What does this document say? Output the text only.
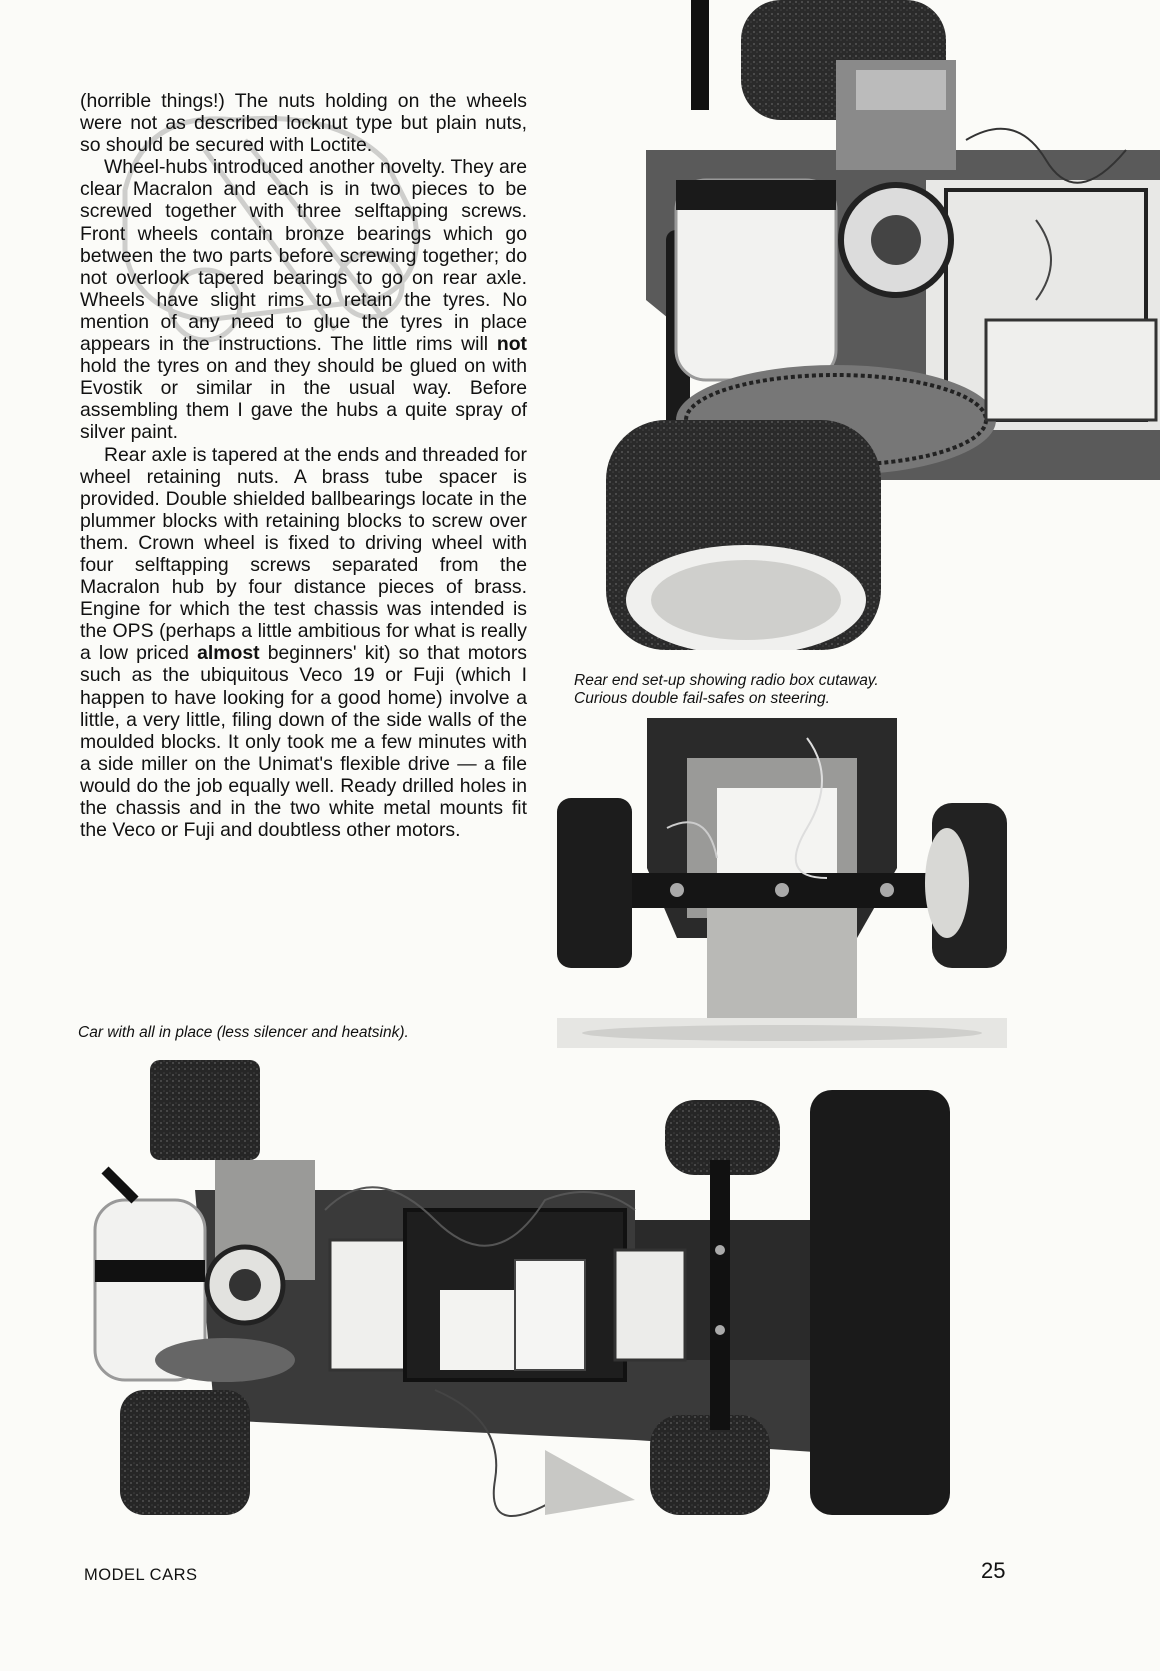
(horrible things!) The nuts holding on the wheels were not as described locknut type but plain nuts, so should be secured with Loctite.

Wheel-hubs introduced another novelty. They are clear Macralon and each is in two pieces to be screwed together with three selftapping screws. Front wheels contain bronze bearings which go between the two parts before screwing together; do not overlook tapered bearings to go on rear axle. Wheels have slight rims to retain the tyres. No mention of any need to glue the tyres in place appears in the instructions. The little rims will not hold the tyres on and they should be glued on with Evostik or similar in the usual way. Before assembling them I gave the hubs a quite spray of silver paint.

Rear axle is tapered at the ends and threaded for wheel retaining nuts. A brass tube spacer is provided. Double shielded ballbearings locate in the plummer blocks with retaining blocks to screw over them. Crown wheel is fixed to driving wheel with four selftapping screws separated from the Macralon hub by four distance pieces of brass. Engine for which the test chassis was intended is the OPS (perhaps a little ambitious for what is really a low priced almost beginners' kit) so that motors such as the ubiquitous Veco 19 or Fuji (which I happen to have looking for a good home) involve a little, a very little, filing down of the side walls of the moulded blocks. It only took me a few minutes with a side miller on the Unimat's flexible drive — a file would do the job equally well. Ready drilled holes in the chassis and in the two white metal mounts fit the Veco or Fuji and doubtless other motors.

Rear end set-up showing radio box cutaway.
Curious double fail-safes on steering.
Car with all in place (less silencer and heatsink).
MODEL CARS	25
